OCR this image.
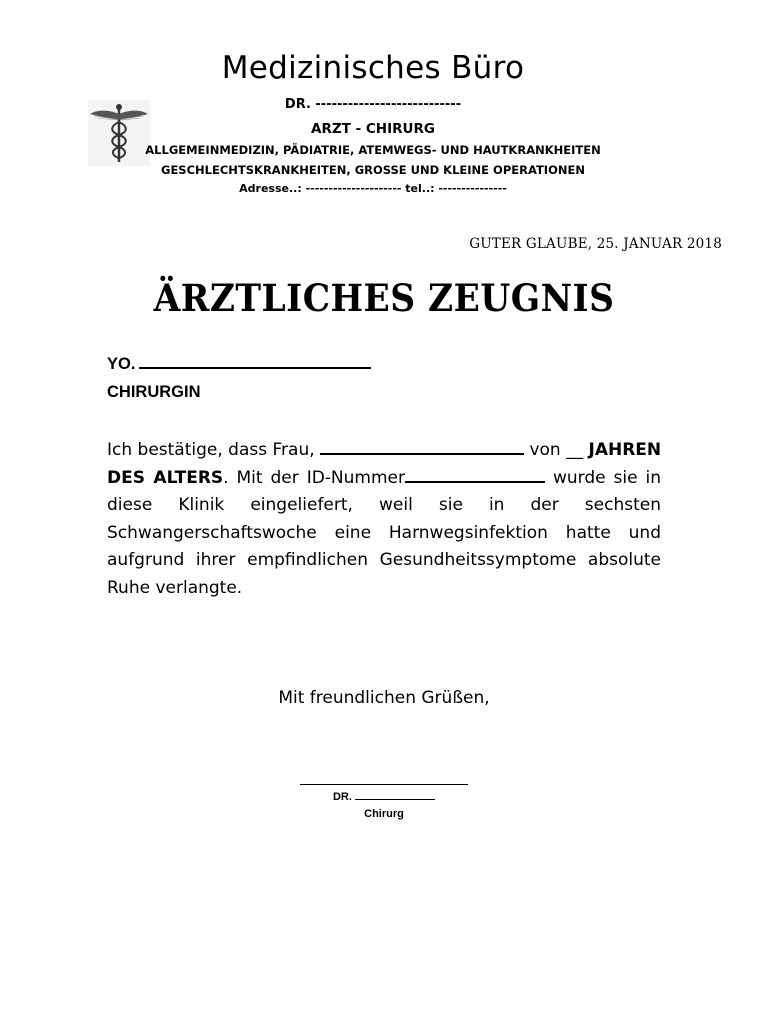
Medizinisches Büro
DR. ---------------------------
ARZT - CHIRURG
ALLGEMEINMEDIZIN, PÄDIATRIE, ATEMWEGS- UND HAUTKRANKHEITEN
GESCHLECHTSKRANKHEITEN, GROSSE UND KLEINE OPERATIONEN
Adresse..: --------------------- tel..: ---------------
GUTER GLAUBE, 25. JANUAR 2018
ÄRZTLICHES ZEUGNIS
YO.
CHIRURGIN
Ich bestätige, dass Frau,	von __ JAHREN
DES ALTERS. Mit der ID-Nummer	wurde sie in
diese Klinik eingeliefert, weil sie in der sechsten
Schwangerschaftswoche eine Harnwegsinfektion hatte und
aufgrund ihrer empfindlichen Gesundheitssymptome absolute
Ruhe verlangte.
Mit freundlichen Grüßen,
DR.
Chirurg
